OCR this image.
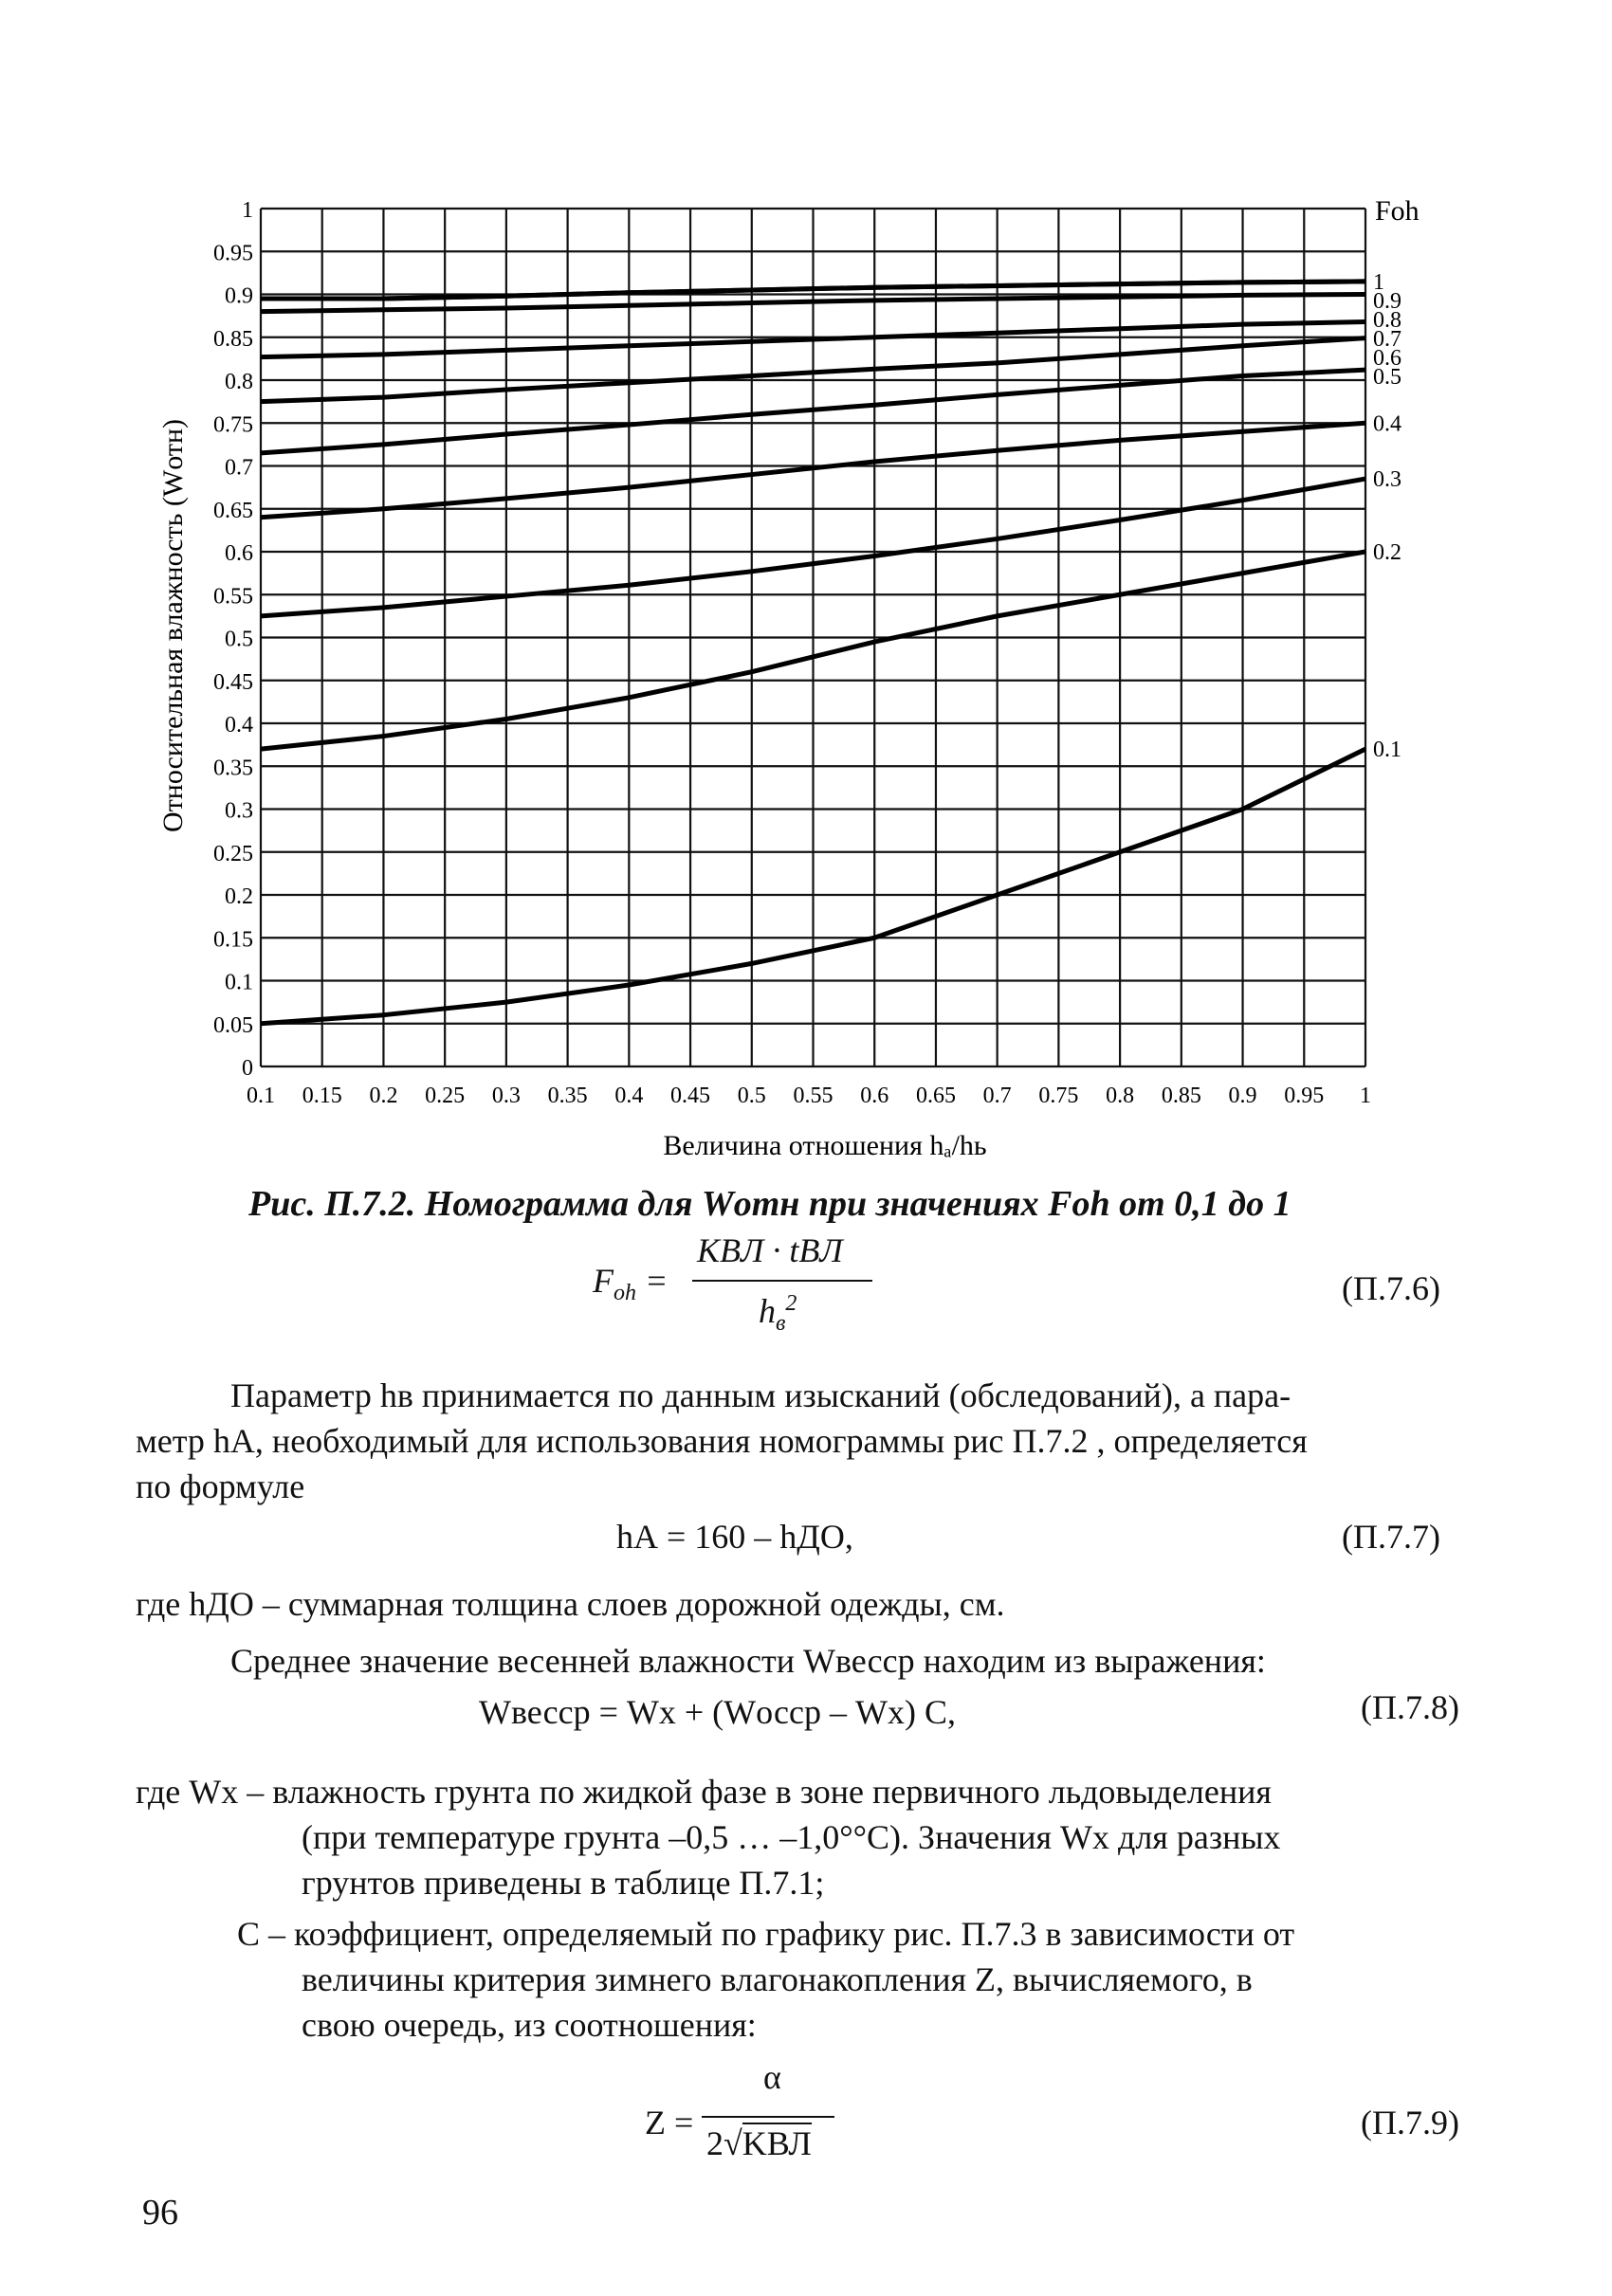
0
0.05
0.1
0.15
0.2
0.25
0.3
0.35
0.4
0.45
0.5
0.55
0.6
0.65
0.7
0.75
0.8
0.85
0.9
0.95
1
0.1 0.15 0.2 0.25 0.3 0.35 0.4 0.45 0.5 0.55 0.6 0.65 0.7 0.75 0.8 0.85 0.9 0.95 1
1
0.9
0.8
0.7
0.6
0.5
0.4
0.3
0.2
0.1
Fоh
Относительная влажность (Wотн)
Величина отношения hₐ/hь
Рис. П.7.2. Номограмма для Wотн при значениях Fоh от 0,1 до 1
$F_{oh}$ =
KВЛ · tВЛ
$h_в^2$	(П.7.6)
Параметр hв принимается по данным изысканий (обследований), а пара-
метр hА, необходимый для использования номограммы рис П.7.2 , определяется
по формуле
hА = 160 – hДО,	(П.7.7)
где hДО – суммарная толщина слоев дорожной одежды, см.
Среднее значение весенней влажности Wвесср находим из выражения:
Wвесср = Wх + (Wосср – Wх) C,	(П.7.8)
где Wх – влажность грунта по жидкой фазе в зоне первичного льдовыделения
(при температуре грунта –0,5 … –1,0°°C). Значения Wх для разных
грунтов приведены в таблице П.7.1;
С – коэффициент, определяемый по графику рис. П.7.3 в зависимости от
величины критерия зимнего влагонакопления Z, вычисляемого, в
свою очередь, из соотношения:
Z =
α
2√KВЛ
(П.7.9)
96
